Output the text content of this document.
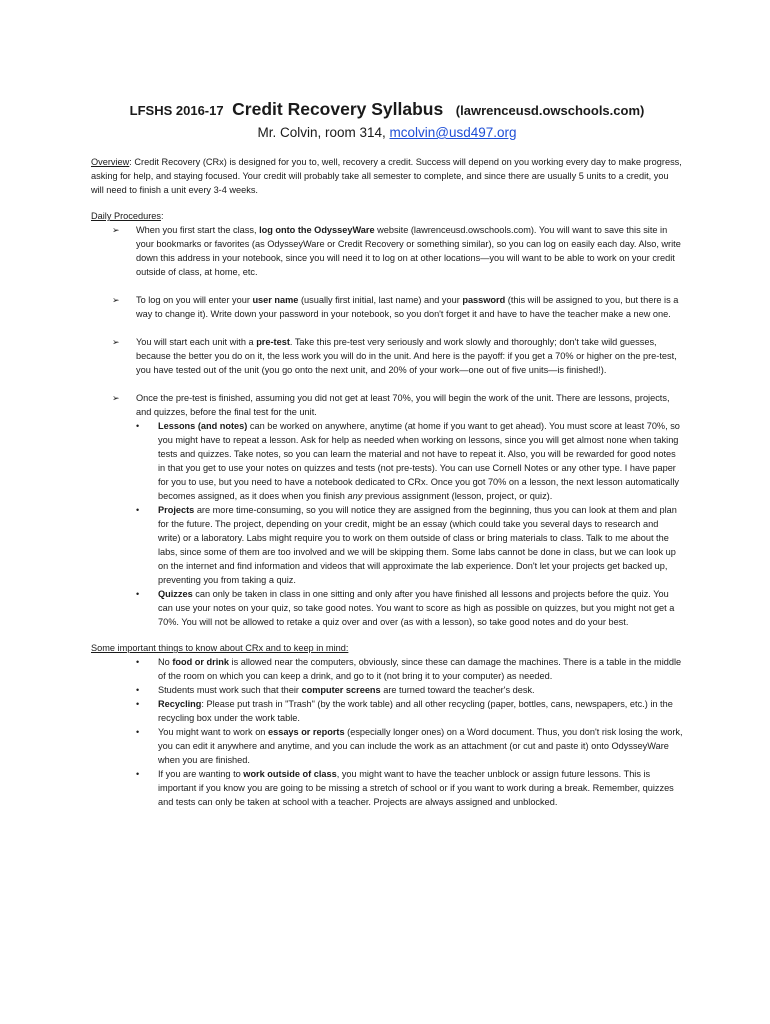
LFSHS 2016-17 Credit Recovery Syllabus (lawrenceusd.owschools.com)
Mr. Colvin, room 314, mcolvin@usd497.org

Overview: Credit Recovery (CRx) is designed for you to, well, recovery a credit. Success will depend on you working every day to make progress, asking for help, and staying focused. Your credit will probably take all semester to complete, and since there are usually 5 units to a credit, you will need to finish a unit every 3-4 weeks.

Daily Procedures:

➢ When you first start the class, log onto the OdysseyWare website (lawrenceusd.owschools.com). You will want to save this site in your bookmarks or favorites (as OdysseyWare or Credit Recovery or something similar), so you can log on easily each day. Also, write down this address in your notebook, since you will need it to log on at other locations—you will want to be able to work on your credit outside of class, at home, etc.
➢ To log on you will enter your user name (usually first initial, last name) and your password (this will be assigned to you, but there is a way to change it). Write down your password in your notebook, so you don't forget it and have to have the teacher make a new one.
➢ You will start each unit with a pre-test. Take this pre-test very seriously and work slowly and thoroughly; don't take wild guesses, because the better you do on it, the less work you will do in the unit. And here is the payoff: if you get a 70% or higher on the pre-test, you have tested out of the unit (you go onto the next unit, and 20% of your work—one out of five units—is finished!).
➢ Once the pre-test is finished, assuming you did not get at least 70%, you will begin the work of the unit. There are lessons, projects, and quizzes, before the final test for the unit.
• Lessons (and notes) can be worked on anywhere, anytime (at home if you want to get ahead). You must score at least 70%, so you might have to repeat a lesson. Ask for help as needed when working on lessons, since you will get almost none when taking tests and quizzes. Take notes, so you can learn the material and not have to repeat it. Also, you will be rewarded for good notes in that you get to use your notes on quizzes and tests (not pre-tests). You can use Cornell Notes or any other type. I have paper for you to use, but you need to have a notebook dedicated to CRx. Once you got 70% on a lesson, the next lesson automatically becomes assigned, as it does when you finish any previous assignment (lesson, project, or quiz).
• Projects are more time-consuming, so you will notice they are assigned from the beginning, thus you can look at them and plan for the future. The project, depending on your credit, might be an essay (which could take you several days to research and write) or a laboratory. Labs might require you to work on them outside of class or bring materials to class. Talk to me about the labs, since some of them are too involved and we will be skipping them. Some labs cannot be done in class, but we can look up on the internet and find information and videos that will approximate the lab experience. Don't let your projects get backed up, preventing you from taking a quiz.
• Quizzes can only be taken in class in one sitting and only after you have finished all lessons and projects before the quiz. You can use your notes on your quiz, so take good notes. You want to score as high as possible on quizzes, but you might not get a 70%. You will not be allowed to retake a quiz over and over (as with a lesson), so take good notes and do your best.

Some important things to know about CRx and to keep in mind:

• No food or drink is allowed near the computers, obviously, since these can damage the machines. There is a table in the middle of the room on which you can keep a drink, and go to it (not bring it to your computer) as needed.
• Students must work such that their computer screens are turned toward the teacher's desk.
• Recycling: Please put trash in "Trash" (by the work table) and all other recycling (paper, bottles, cans, newspapers, etc.) in the recycling box under the work table.
• You might want to work on essays or reports (especially longer ones) on a Word document. Thus, you don't risk losing the work, you can edit it anywhere and anytime, and you can include the work as an attachment (or cut and paste it) onto OdysseyWare when you are finished.
• If you are wanting to work outside of class, you might want to have the teacher unblock or assign future lessons. This is important if you know you are going to be missing a stretch of school or if you want to work during a break. Remember, quizzes and tests can only be taken at school with a teacher. Projects are always assigned and unblocked.
